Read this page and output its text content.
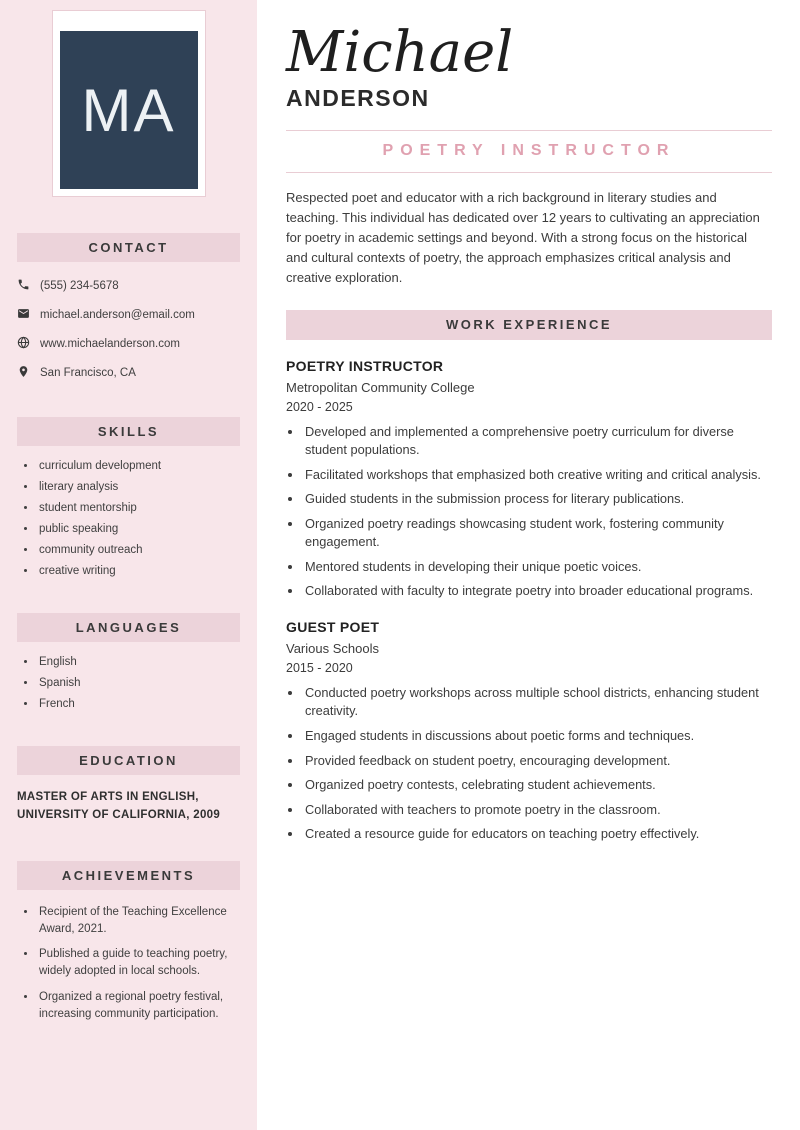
MA
CONTACT
(555) 234-5678
michael.anderson@email.com
www.michaelanderson.com
San Francisco, CA
SKILLS
• curriculum development
• literary analysis
• student mentorship
• public speaking
• community outreach
• creative writing
LANGUAGES
• English
• Spanish
• French
EDUCATION
MASTER OF ARTS IN ENGLISH, UNIVERSITY OF CALIFORNIA, 2009
ACHIEVEMENTS
• Recipient of the Teaching Excellence Award, 2021.
• Published a guide to teaching poetry, widely adopted in local schools.
• Organized a regional poetry festival, increasing community participation.
Michael
ANDERSON
POETRY INSTRUCTOR

Respected poet and educator with a rich background in literary studies and teaching. This individual has dedicated over 12 years to cultivating an appreciation for poetry in academic settings and beyond. With a strong focus on the historical and cultural contexts of poetry, the approach emphasizes critical analysis and creative exploration.

WORK EXPERIENCE
POETRY INSTRUCTOR
Metropolitan Community College
2020 - 2025
• Developed and implemented a comprehensive poetry curriculum for diverse student populations.
• Facilitated workshops that emphasized both creative writing and critical analysis.
• Guided students in the submission process for literary publications.
• Organized poetry readings showcasing student work, fostering community engagement.
• Mentored students in developing their unique poetic voices.
• Collaborated with faculty to integrate poetry into broader educational programs.
GUEST POET
Various Schools
2015 - 2020
• Conducted poetry workshops across multiple school districts, enhancing student creativity.
• Engaged students in discussions about poetic forms and techniques.
• Provided feedback on student poetry, encouraging development.
• Organized poetry contests, celebrating student achievements.
• Collaborated with teachers to promote poetry in the classroom.
• Created a resource guide for educators on teaching poetry effectively.
